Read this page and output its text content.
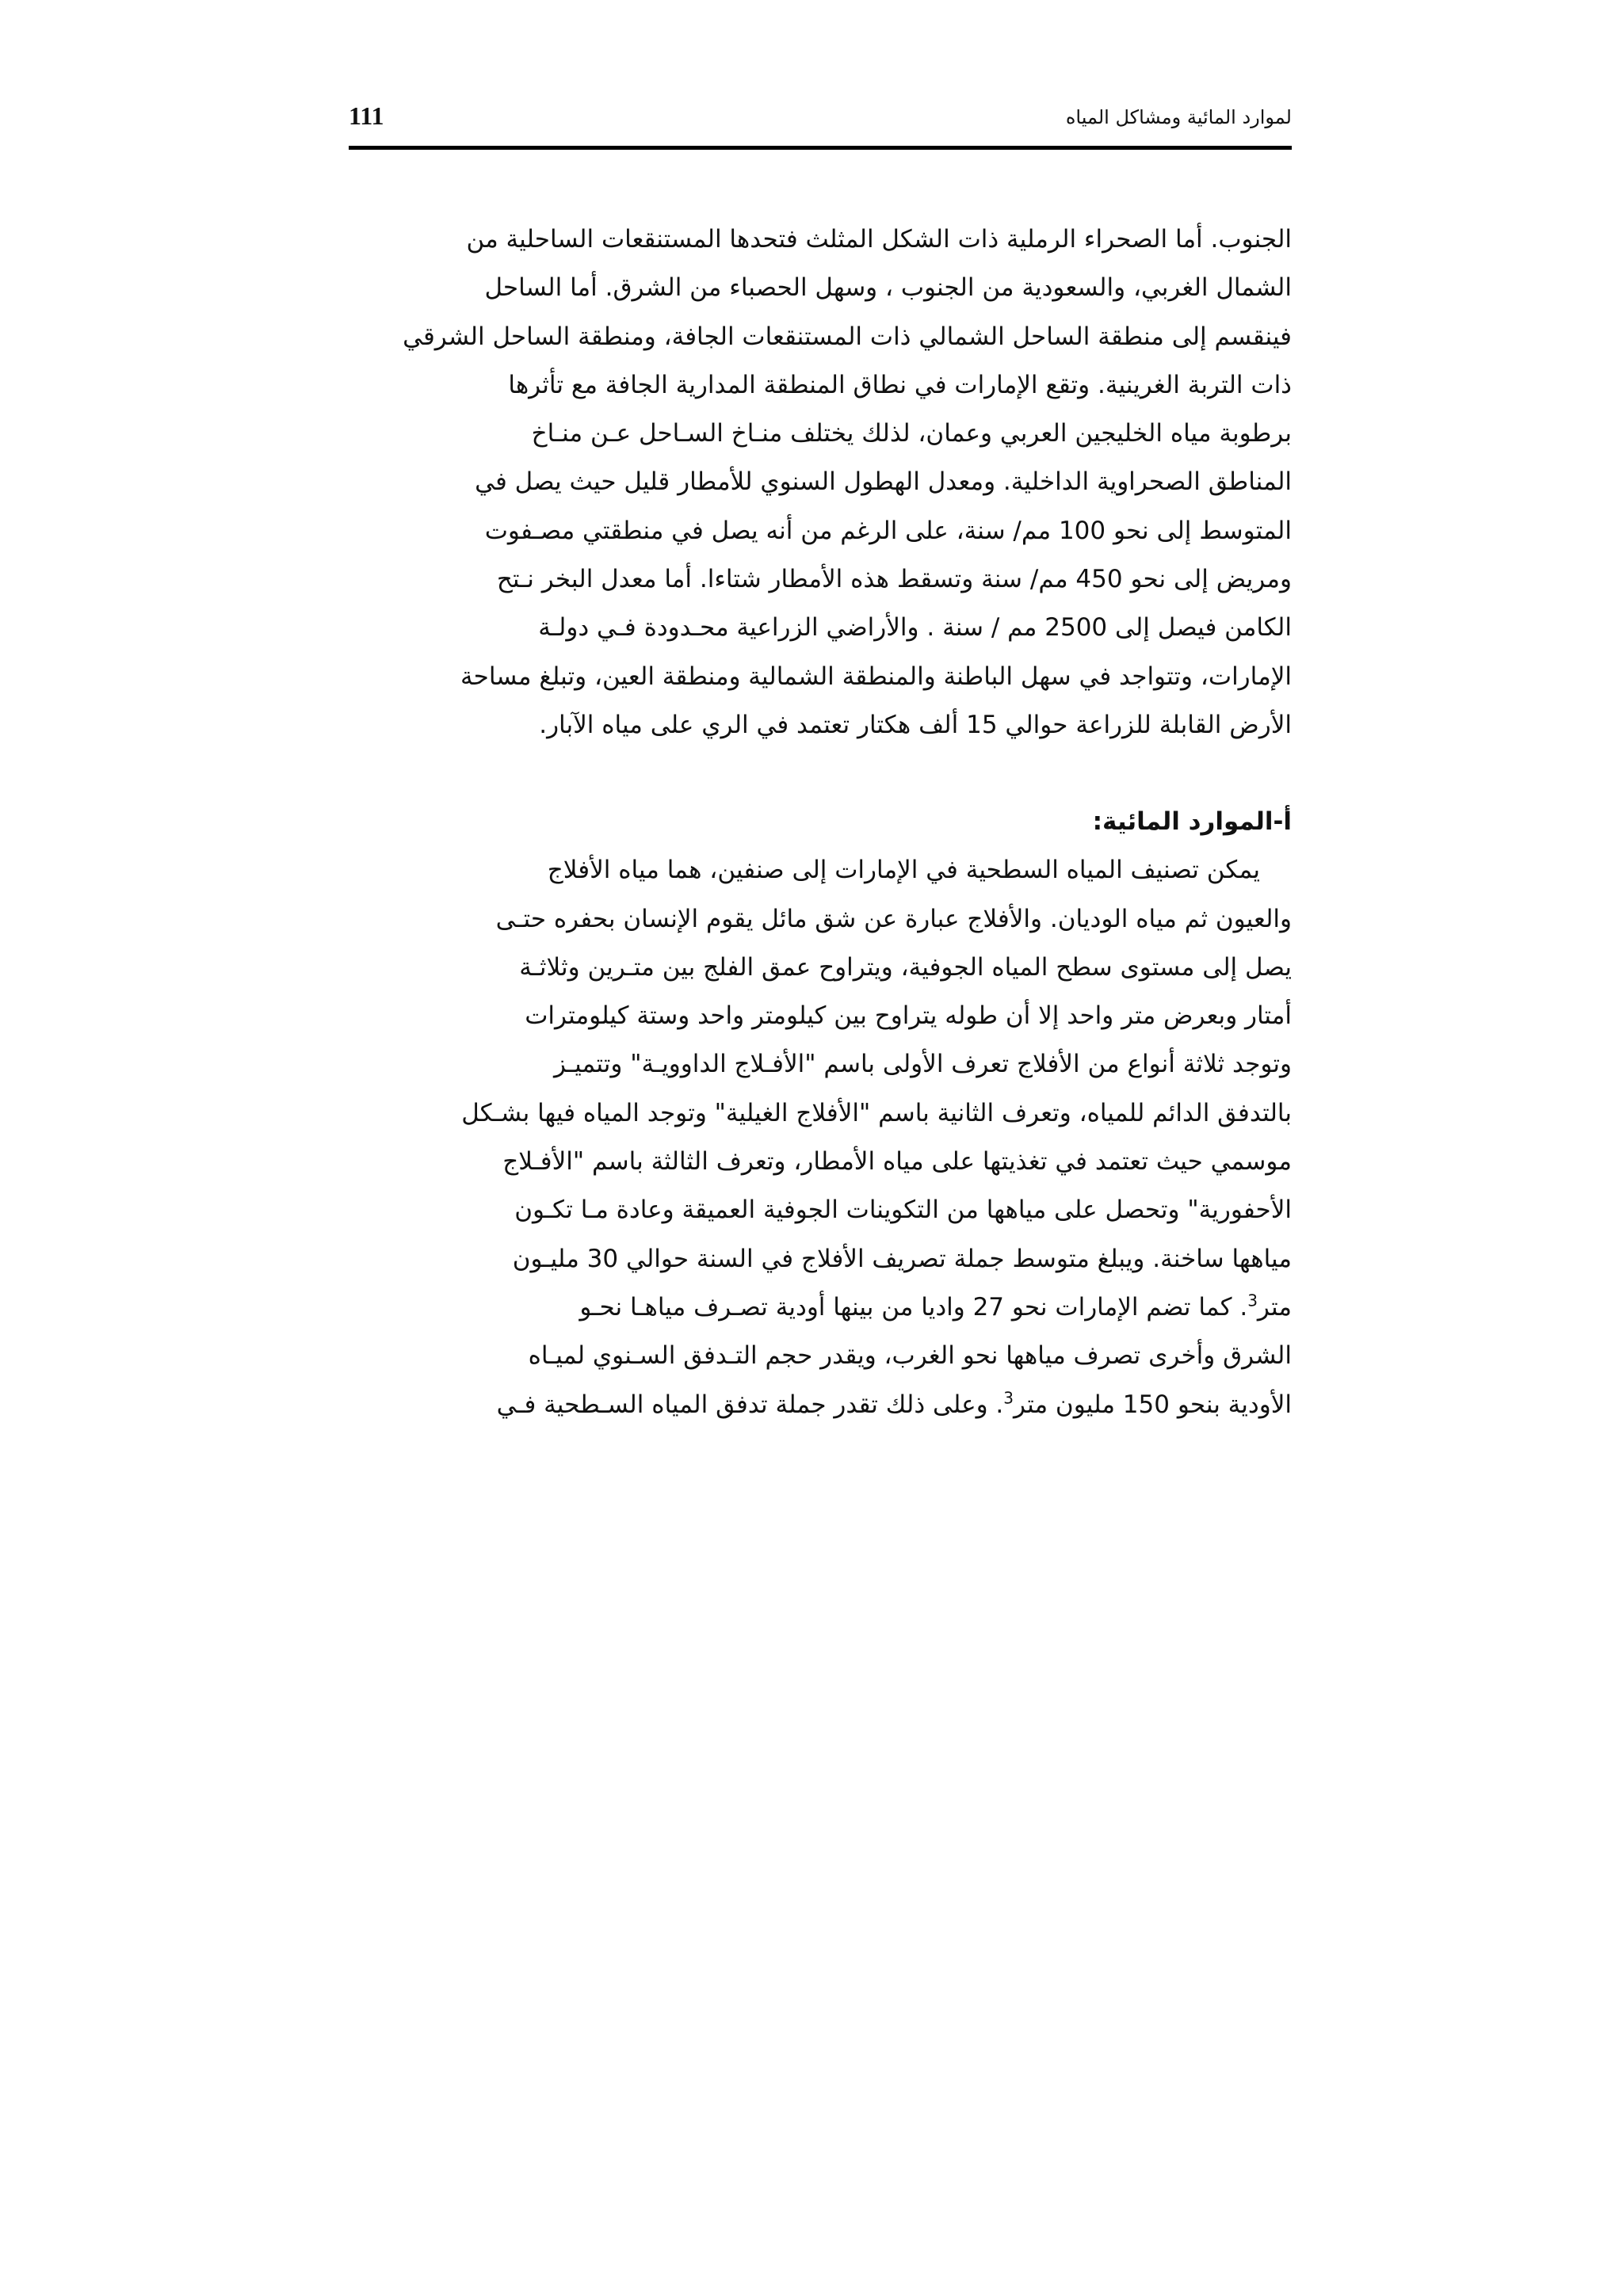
لموارد المائية ومشاكل المياه
111

الجنوب. أما الصحراء الرملية ذات الشكل المثلث فتحدها المستنقعات الساحلية من
الشمال الغربي، والسعودية من الجنوب ، وسهل الحصباء من الشرق. أما الساحل
فينقسم إلى منطقة الساحل الشمالي ذات المستنقعات الجافة، ومنطقة الساحل الشرقي
ذات التربة الغرينية. وتقع الإمارات في نطاق المنطقة المدارية الجافة مع تأثرها
برطوبة مياه الخليجين العربي وعمان، لذلك يختلف منـاخ السـاحل عـن منـاخ
المناطق الصحراوية الداخلية. ومعدل الهطول السنوي للأمطار قليل حيث يصل في
المتوسط إلى نحو 100 مم/ سنة، على الرغم من أنه يصل في منطقتي مصـفوت
ومريض إلى نحو 450 مم/ سنة وتسقط هذه الأمطار شتاءا. أما معدل البخر نـتح
الكامن فيصل إلى 2500 مم / سنة . والأراضي الزراعية محـدودة فـي دولـة
الإمارات، وتتواجد في سهل الباطنة والمنطقة الشمالية ومنطقة العين، وتبلغ مساحة
الأرض القابلة للزراعة حوالي 15 ألف هكتار تعتمد في الري على مياه الآبار.

أ-الموارد المائية:

يمكن تصنيف المياه السطحية في الإمارات إلى صنفين، هما مياه الأفلاج
والعيون ثم مياه الوديان. والأفلاج عبارة عن شق مائل يقوم الإنسان بحفره حتـى
يصل إلى مستوى سطح المياه الجوفية، ويتراوح عمق الفلج بين متـرين وثلاثـة
أمتار وبعرض متر واحد إلا أن طوله يتراوح بين كيلومتر واحد وستة كيلومترات
وتوجد ثلاثة أنواع من الأفلاج تعرف الأولى باسم "الأفـلاج الداوويـة" وتتميـز
بالتدفق الدائم للمياه، وتعرف الثانية باسم "الأفلاج الغيلية" وتوجد المياه فيها بشـكل
موسمي حيث تعتمد في تغذيتها على مياه الأمطار، وتعرف الثالثة باسم "الأفـلاج
الأحفورية" وتحصل على مياهها من التكوينات الجوفية العميقة وعادة مـا تكـون
مياهها ساخنة. ويبلغ متوسط جملة تصريف الأفلاج في السنة حوالي 30 مليـون
متر$^3$. كما تضم الإمارات نحو 27 واديا من بينها أودية تصـرف مياهـا نحـو
الشرق وأخرى تصرف مياهها نحو الغرب، ويقدر حجم التـدفق السـنوي لميـاه
الأودية بنحو 150 مليون متر$^3$. وعلى ذلك تقدر جملة تدفق المياه السـطحية فـي
